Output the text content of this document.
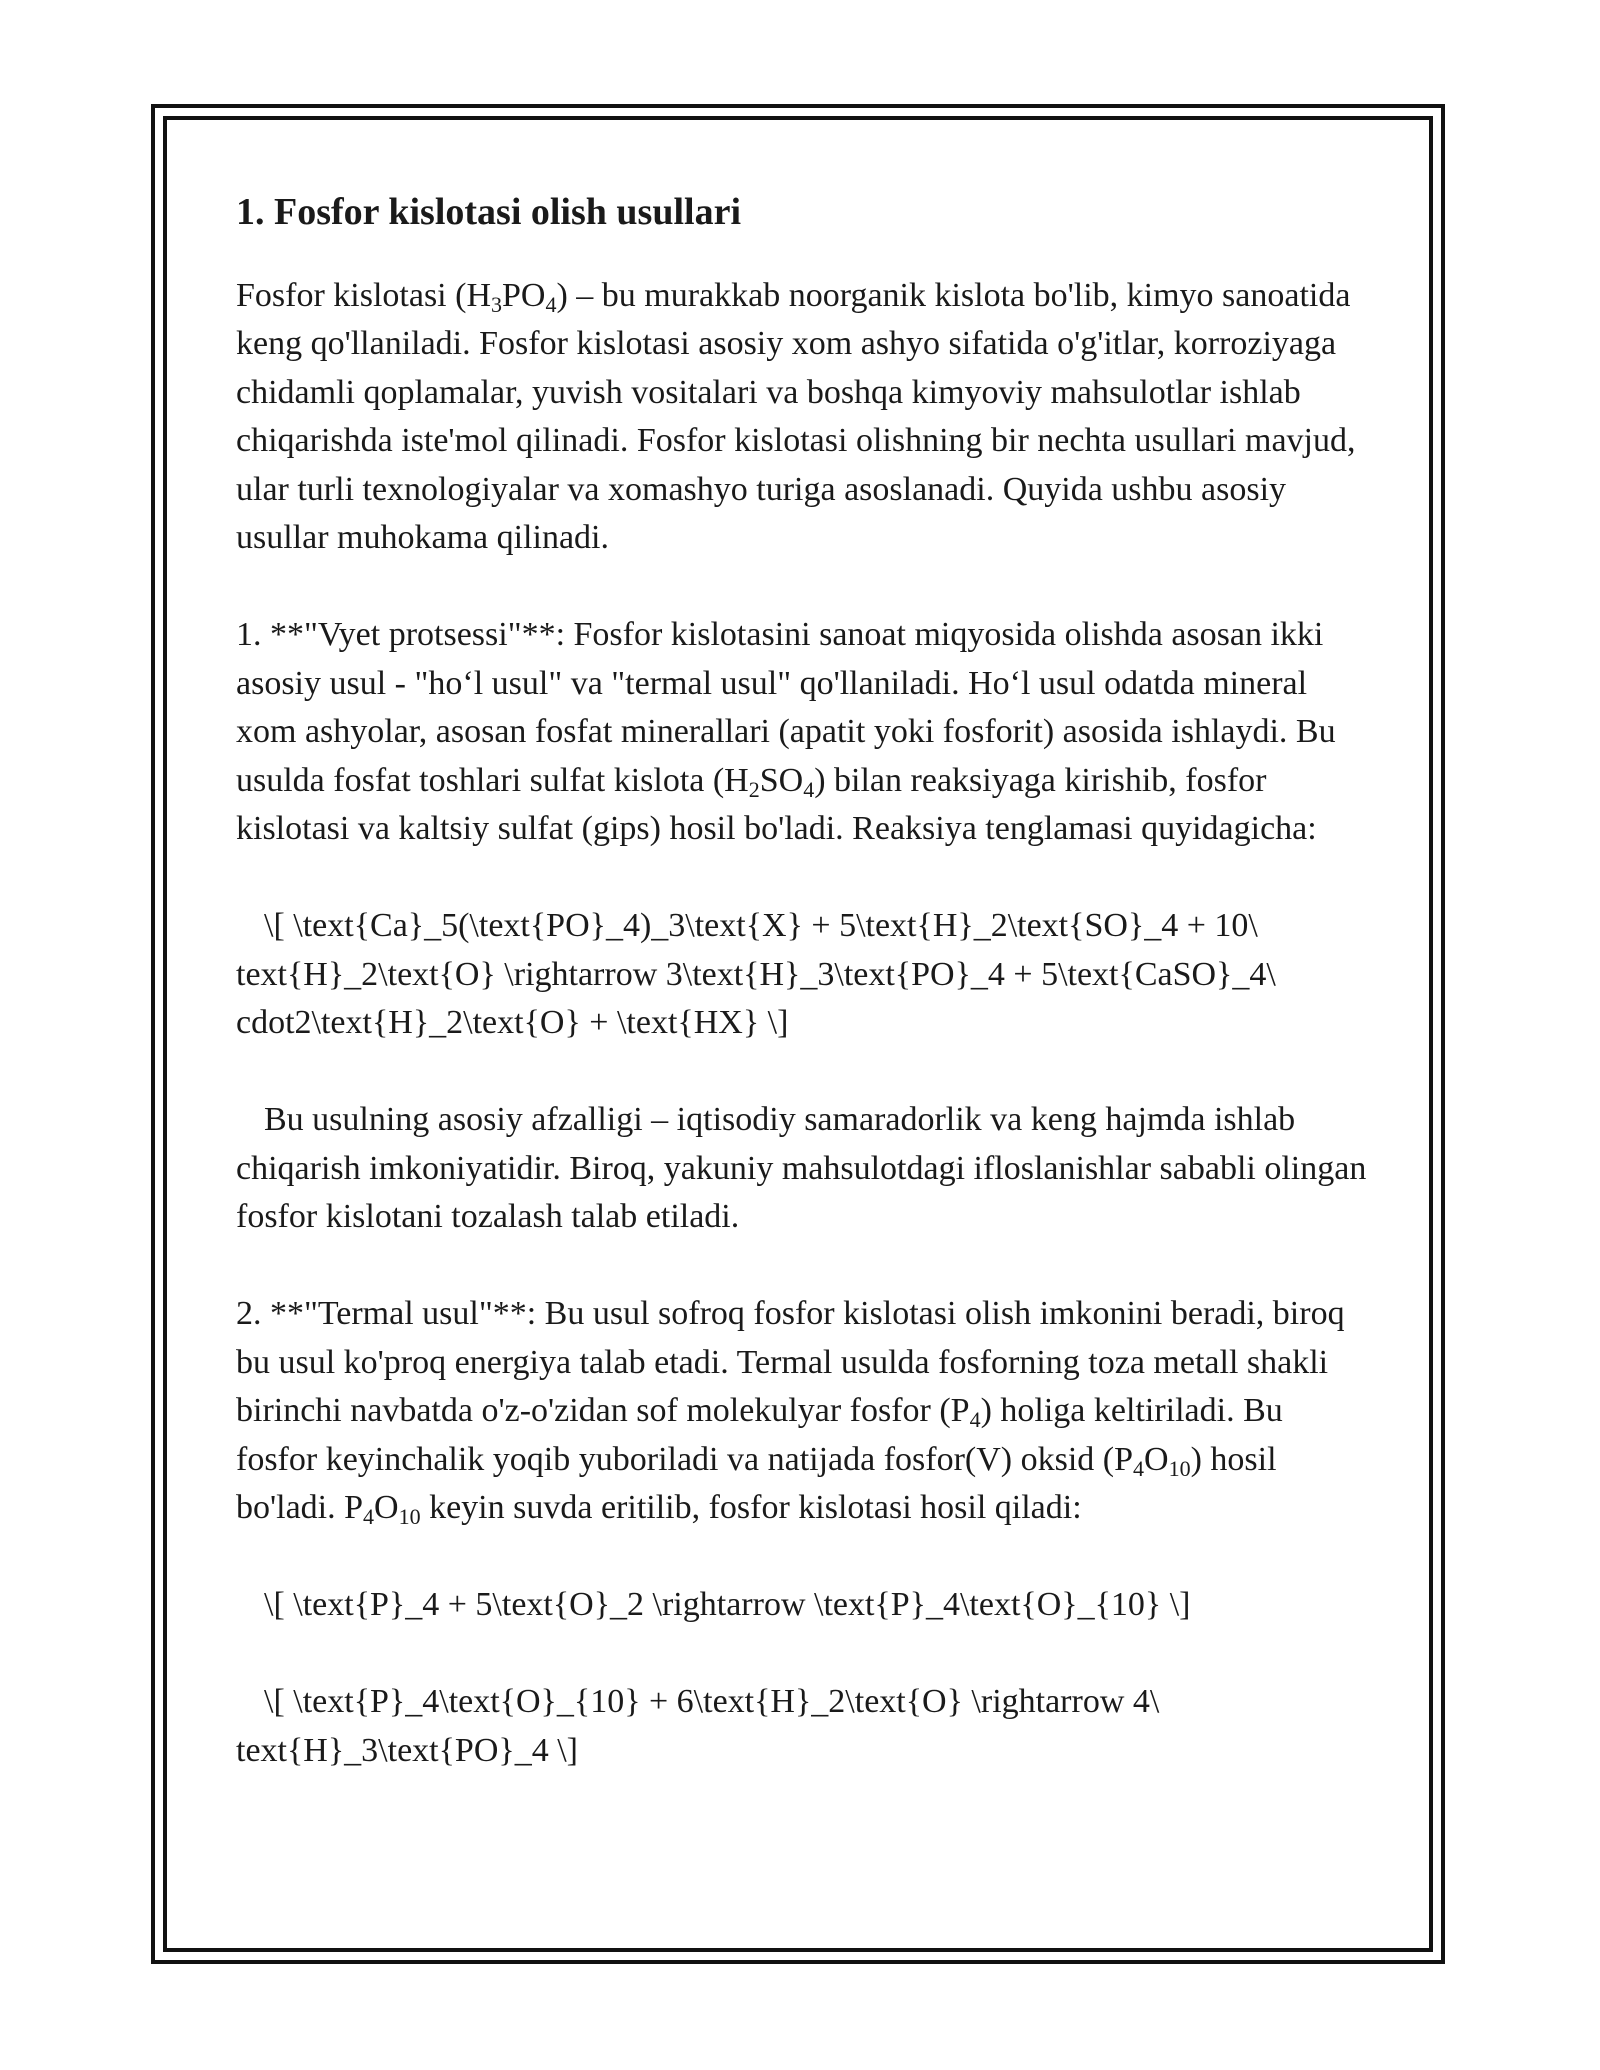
1. Fosfor kislotasi olish usullari

Fosfor kislotasi $(H_3PO_4)$ – bu murakkab noorganik kislota bo'lib, kimyo sanoatida keng qo'llaniladi. Fosfor kislotasi asosiy xom ashyo sifatida o'g'itlar, korroziyaga chidamli qoplamalar, yuvish vositalari va boshqa kimyoviy mahsulotlar ishlab chiqarishda iste'mol qilinadi. Fosfor kislotasi olishning bir nechta usullari mavjud, ular turli texnologiyalar va xomashyo turiga asoslanadi. Quyida ushbu asosiy usullar muhokama qilinadi.

1. **"Vyet protsessi"**: Fosfor kislotasini sanoat miqyosida olishda asosan ikki asosiy usul - "ho‘l usul" va "termal usul" qo'llaniladi. Ho‘l usul odatda mineral xom ashyolar, asosan fosfat minerallari (apatit yoki fosforit) asosida ishlaydi. Bu usulda fosfat toshlari sulfat kislota $(H_2SO_4)$ bilan reaksiyaga kirishib, fosfor kislotasi va kaltsiy sulfat (gips) hosil bo'ladi. Reaksiya tenglamasi quyidagicha:

\[ \text{Ca}_5(\text{PO}_4)_3\text{X} + 5\text{H}_2\text{SO}_4 + 10\ text{H}_2\text{O} \rightarrow 3\text{H}_3\text{PO}_4 + 5\text{CaSO}_4\ cdot2\text{H}_2\text{O} + \text{HX} \]

Bu usulning asosiy afzalligi – iqtisodiy samaradorlik va keng hajmda ishlab chiqarish imkoniyatidir. Biroq, yakuniy mahsulotdagi ifloslanishlar sababli olingan fosfor kislotani tozalash talab etiladi.

2. **"Termal usul"**: Bu usul sofroq fosfor kislotasi olish imkonini beradi, biroq bu usul ko'proq energiya talab etadi. Termal usulda fosforning toza metall shakli birinchi navbatda o'z-o'zidan sof molekulyar fosfor $(P_4)$ holiga keltiriladi. Bu fosfor keyinchalik yoqib yuboriladi va natijada fosfor(V) oksid $(P_4O_{10})$ hosil bo'ladi. $P_4O_{10}$ keyin suvda eritilib, fosfor kislotasi hosil qiladi:

\[ \text{P}_4 + 5\text{O}_2 \rightarrow \text{P}_4\text{O}_{10} \]

\[ \text{P}_4\text{O}_{10} + 6\text{H}_2\text{O} \rightarrow 4\ text{H}_3\text{PO}_4 \]
